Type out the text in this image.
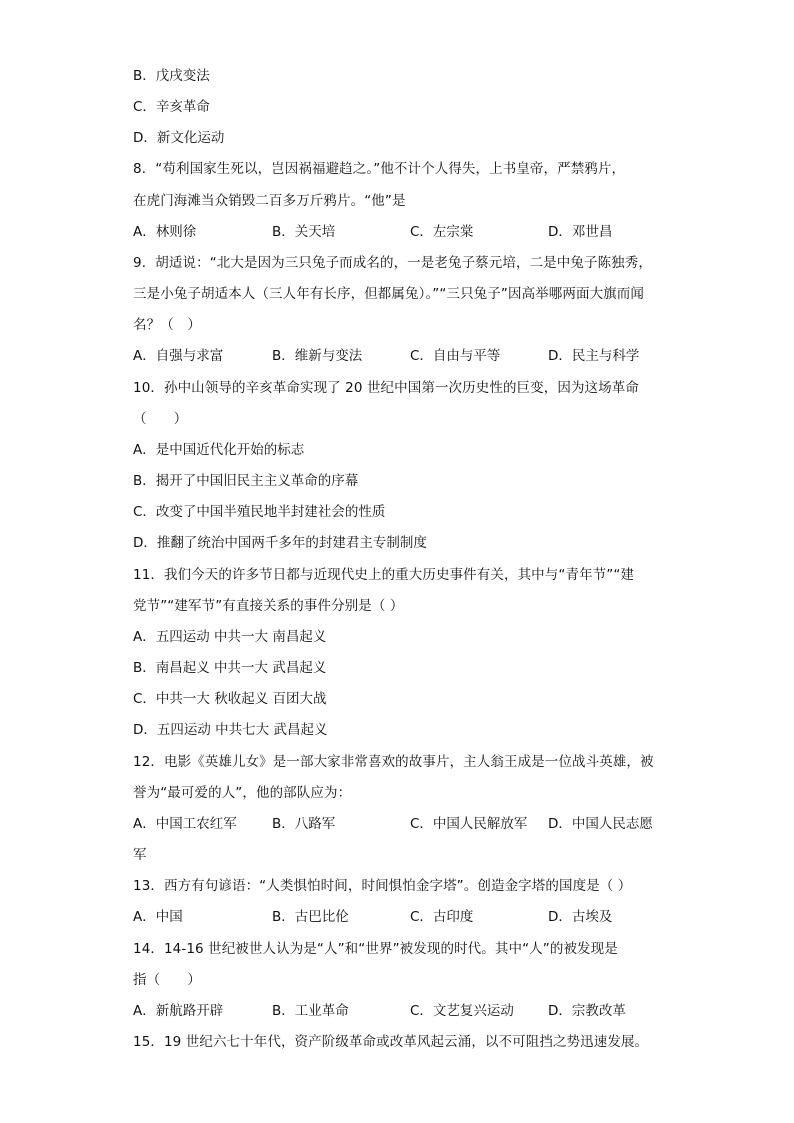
B．戊戌变法
C．辛亥革命
D．新文化运动
8．“苟利国家生死以，岂因祸福避趋之。”他不计个人得失，上书皇帝，严禁鸦片，
在虎门海滩当众销毁二百多万斤鸦片。“他”是
A．林则徐	B．关天培	C．左宗棠	D．邓世昌
9．胡适说：“北大是因为三只兔子而成名的，一是老兔子蔡元培，二是中兔子陈独秀，
三是小兔子胡适本人（三人年有长序，但都属兔）。”“三只兔子”因高举哪两面大旗而闻
名？（　）
A．自强与求富	B．维新与变法	C．自由与平等	D．民主与科学
10．孙中山领导的辛亥革命实现了 20 世纪中国第一次历史性的巨变，因为这场革命
（　　）
A．是中国近代化开始的标志
B．揭开了中国旧民主主义革命的序幕
C．改变了中国半殖民地半封建社会的性质
D．推翻了统治中国两千多年的封建君主专制制度
11．我们今天的许多节日都与近现代史上的重大历史事件有关，其中与“青年节”“建
党节”“建军节”有直接关系的事件分别是（ ）
A．五四运动 中共一大 南昌起义
B．南昌起义 中共一大 武昌起义
C．中共一大 秋收起义 百团大战
D．五四运动 中共七大 武昌起义
12．电影《英雄儿女》是一部大家非常喜欢的故事片，主人翁王成是一位战斗英雄，被
誉为“最可爱的人”，他的部队应为：
A．中国工农红军	B．八路军	C．中国人民解放军 D．中国人民志愿
军
13．西方有句谚语：“人类惧怕时间，时间惧怕金字塔”。创造金字塔的国度是（ ）
A．中国	B．古巴比伦	C．古印度	D．古埃及
14．14-16 世纪被世人认为是“人”和“世界”被发现的时代。其中“人”的被发现是
指（　　）
A．新航路开辟	B．工业革命	C．文艺复兴运动	D．宗教改革
15．19 世纪六七十年代，资产阶级革命或改革风起云涌，以不可阻挡之势迅速发展。
